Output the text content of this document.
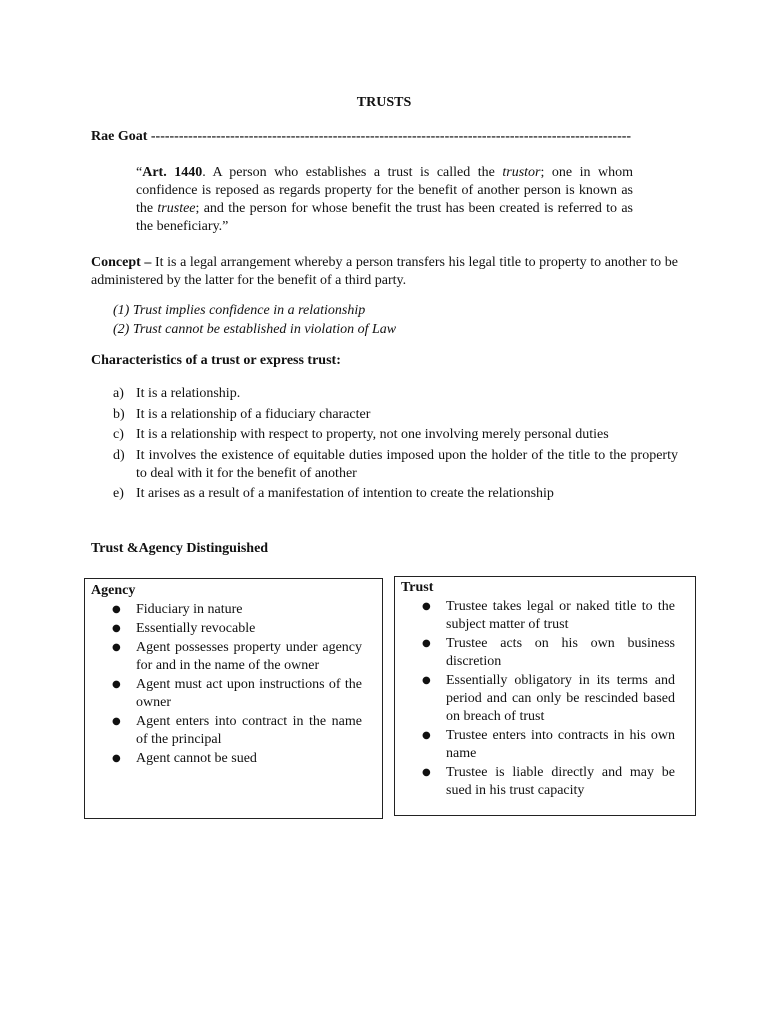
TRUSTS
Rae Goat -------------------------------------------------------------------------------------------------------
“Art. 1440. A person who establishes a trust is called the trustor; one in whom confidence is reposed as regards property for the benefit of another person is known as the trustee; and the person for whose benefit the trust has been created is referred to as the beneficiary.”
Concept – It is a legal arrangement whereby a person transfers his legal title to property to another to be administered by the latter for the benefit of a third party.
(1) Trust implies confidence in a relationship
(2) Trust cannot be established in violation of Law
Characteristics of a trust or express trust:
a) It is a relationship.
b) It is a relationship of a fiduciary character
c) It is a relationship with respect to property, not one involving merely personal duties
d) It involves the existence of equitable duties imposed upon the holder of the title to the property to deal with it for the benefit of another
e) It arises as a result of a manifestation of intention to create the relationship
Trust &Agency Distinguished
Agency
●	Fiduciary in nature
●	Essentially revocable
●	Agent possesses property under agency for and in the name of the owner
●	Agent must act upon instructions of the owner
●	Agent enters into contract in the name of the principal
●	Agent cannot be sued
Trust
●	Trustee takes legal or naked title to the subject matter of trust
●	Trustee acts on his own business discretion
●	Essentially obligatory in its terms and period and can only be rescinded based on breach of trust
●	Trustee enters into contracts in his own name
●	Trustee is liable directly and may be sued in his trust capacity
